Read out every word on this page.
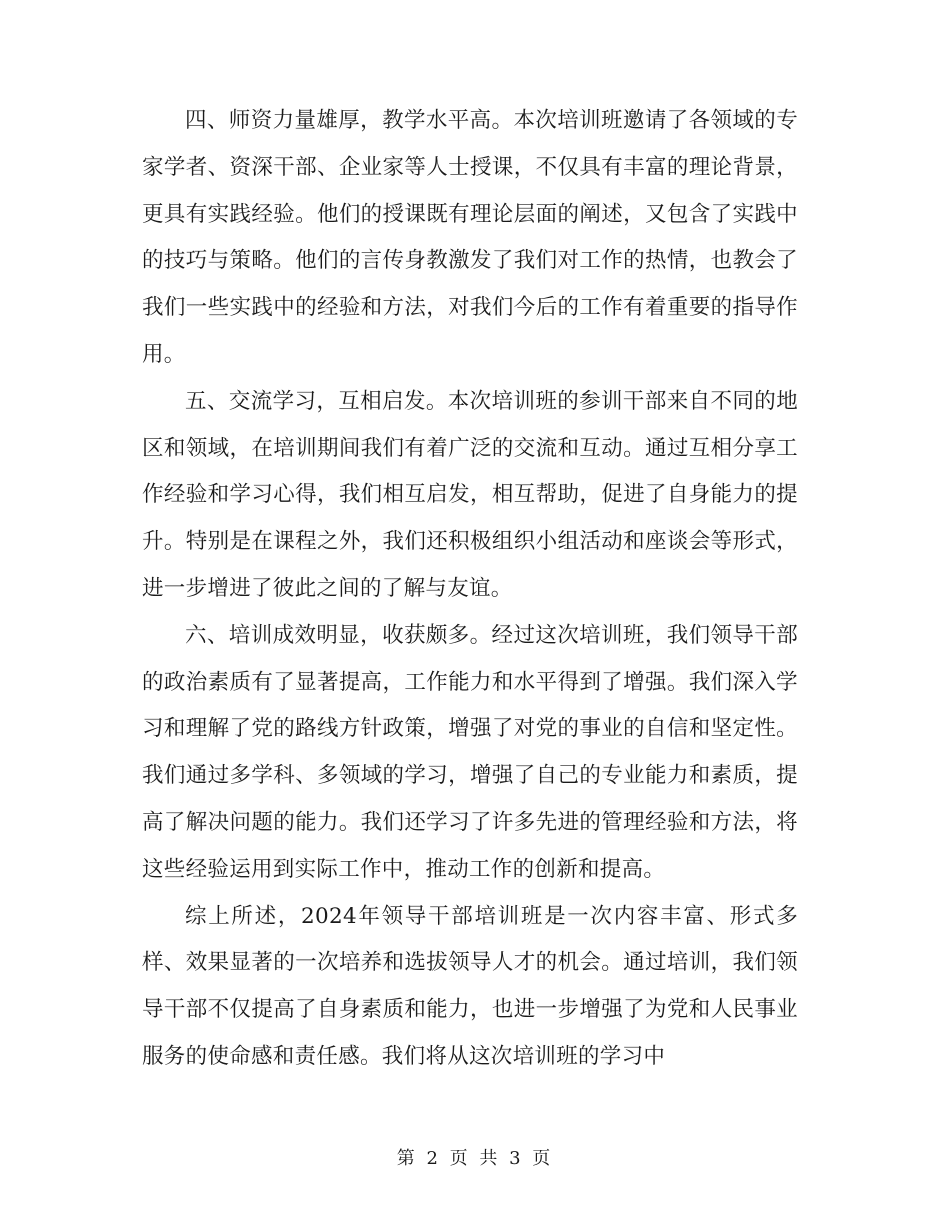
四、师资力量雄厚，教学水平高。本次培训班邀请了各领域的专家学者、资深干部、企业家等人士授课，不仅具有丰富的理论背景，更具有实践经验。他们的授课既有理论层面的阐述，又包含了实践中的技巧与策略。他们的言传身教激发了我们对工作的热情，也教会了我们一些实践中的经验和方法，对我们今后的工作有着重要的指导作用。

五、交流学习，互相启发。本次培训班的参训干部来自不同的地区和领域，在培训期间我们有着广泛的交流和互动。通过互相分享工作经验和学习心得，我们相互启发，相互帮助，促进了自身能力的提升。特别是在课程之外，我们还积极组织小组活动和座谈会等形式，进一步增进了彼此之间的了解与友谊。

六、培训成效明显，收获颇多。经过这次培训班，我们领导干部的政治素质有了显著提高，工作能力和水平得到了增强。我们深入学习和理解了党的路线方针政策，增强了对党的事业的自信和坚定性。我们通过多学科、多领域的学习，增强了自己的专业能力和素质，提高了解决问题的能力。我们还学习了许多先进的管理经验和方法，将这些经验运用到实际工作中，推动工作的创新和提高。

综上所述，2024年领导干部培训班是一次内容丰富、形式多样、效果显著的一次培养和选拔领导人才的机会。通过培训，我们领导干部不仅提高了自身素质和能力，也进一步增强了为党和人民事业服务的使命感和责任感。我们将从这次培训班的学习中

第 2 页 共 3 页
